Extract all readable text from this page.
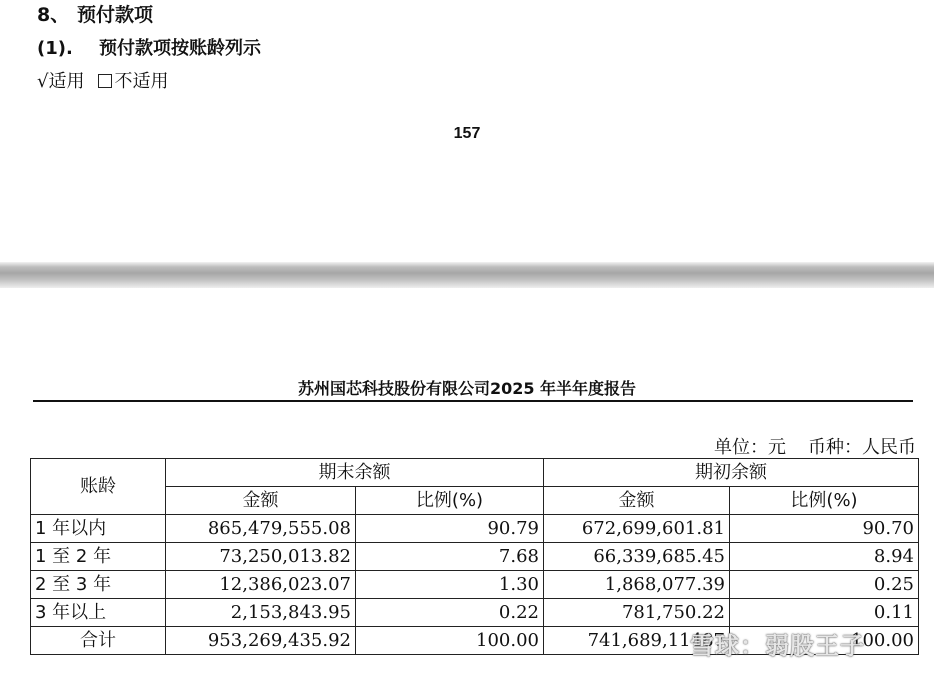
8、 预付款项
(1). 预付款项按账龄列示
√适用 不适用
157
苏州国芯科技股份有限公司2025 年半年度报告
单位：元 币种：人民币
账龄	期末余额		期初余额	
	金额	比例(%)	金额	比例(%)
1 年以内	865,479,555.08	90.79	672,699,601.81	90.70
1 至 2 年	73,250,013.82	7.68	66,339,685.45	8.94
2 至 3 年	12,386,023.07	1.30	1,868,077.39	0.25
3 年以上	2,153,843.95	0.22	781,750.22	0.11
合计	953,269,435.92	100.00	741,689,11487	100.00
雪球：弱股王子
